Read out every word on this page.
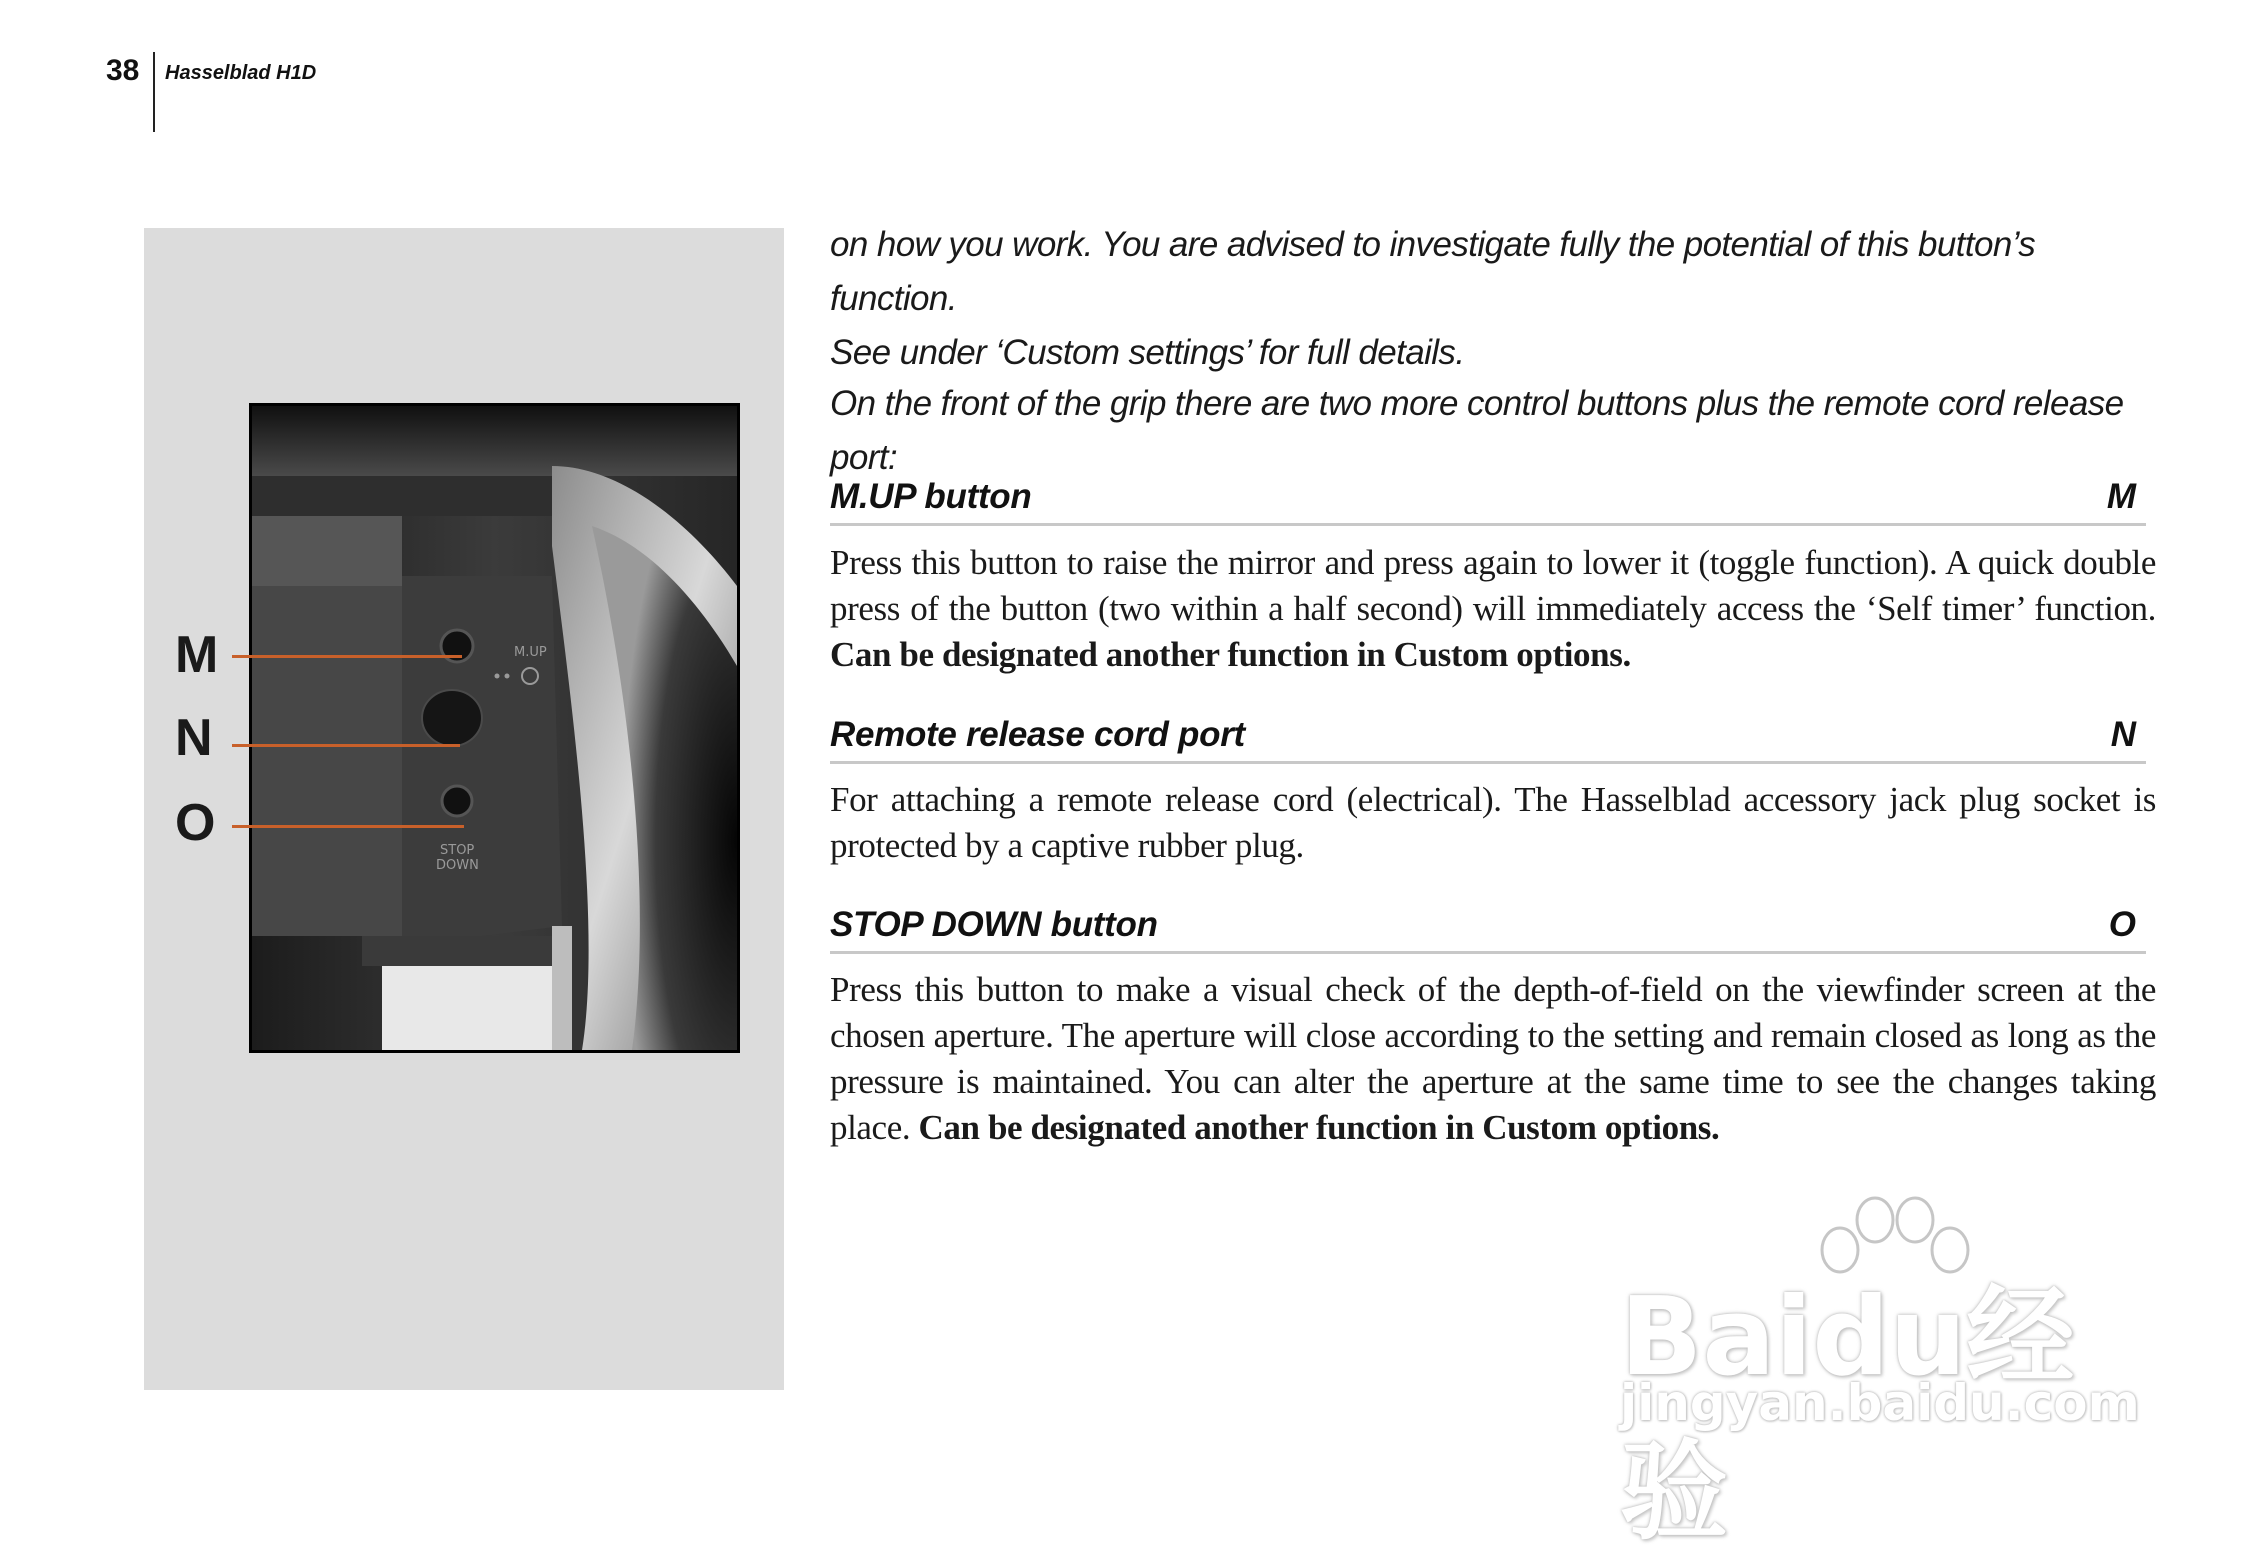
38 Hasselblad H1D
M.UP
STOP
DOWN
M
N
O

on how you work. You are advised to investigate fully the potential of this button’s function.

See under ‘Custom settings’ for full details.

On the front of the grip there are two more control buttons plus the remote cord release port:

M.UP button	M

Press this button to raise the mirror and press again to lower it (toggle function). A quick double press of the button (two within a half second) will immediately access the ‘Self timer’ function. Can be designated another function in Custom options.

Remote release cord port	N

For attaching a remote release cord (electrical). The Hasselblad accessory jack plug socket is protected by a captive rubber plug.

STOP DOWN button	O

Press this button to make a visual check of the depth-of-field on the viewfinder screen at the chosen aperture. The aperture will close according to the setting and remain closed as long as the pressure is maintained. You can alter the aperture at the same time to see the changes taking place. Can be designated another function in Custom options.

Baidu经验
jingyan.baidu.com
